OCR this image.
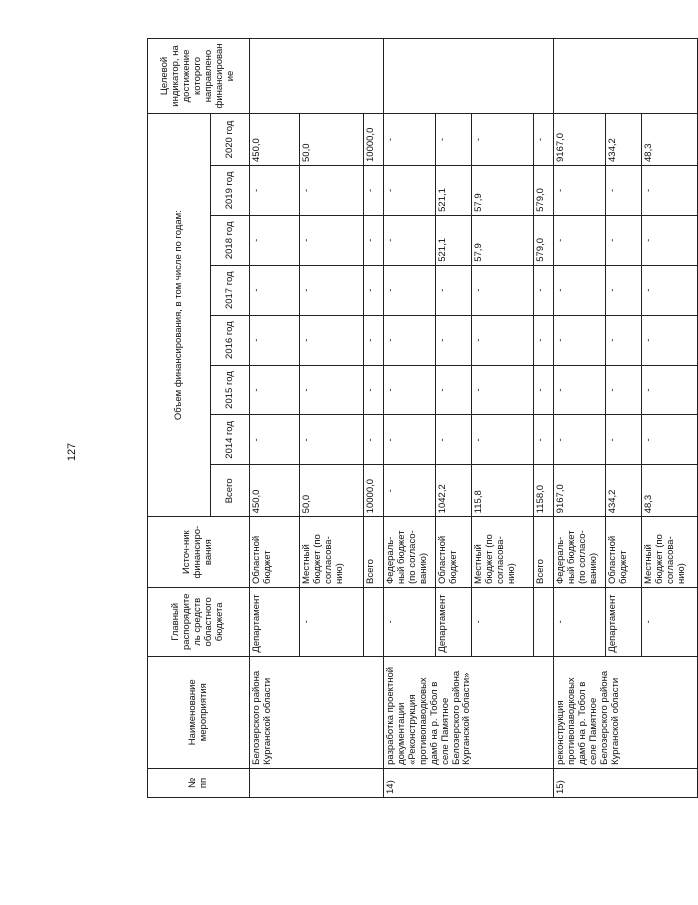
127
№ пп	Наименование мероприятия	Главный распорядитель средств областного бюджета	Источ-ник финансиро-вания	Объем финансирования, в том числе по годам:								Целевой индикатор, на достижение которого направлено финансирование
				Всего	2014 год	2015 год	2016 год	2017 год	2018 год	2019 год	2020 год	
	Белозерского района Курганской области	Департамент	Областной бюджет	450,0	-	-	-	-	-	-	450,0	
		-	Местный бюджет (по согласова-нию)	50,0	-	-	-	-	-	-	50,0	
			Всего	10000,0	-	-	-	-	-	-	10000,0	
14)	разработка проектной документации «Реконструкция противопаводковых дамб на р. Тобол в селе Памятное Белозерского района Курганской области»	-	Федераль-ный бюджет (по согласо-ванию)	-	-	-	-	-	-	-	-	
		Департамент	Областной бюджет	1042,2	-	-	-	-	521,1	521,1	-	
		-	Местный бюджет (по согласова-нию)	115,8	-	-	-	-	57,9	57,9	-	
			Всего	1158,0	-	-	-	-	579,0	579,0	-	
15)	реконструкция противопаводковых дамб на р. Тобол в селе Памятное Белозерского района Курганской области	-	Федераль-ный бюджет (по согласо-ванию)	9167,0	-	-	-	-	-	-	9167,0	
		Департамент	Областной бюджет	434,2	-	-	-	-	-	-	434,2	
		-	Местный бюджет (по согласова-нию)	48,3	-	-	-	-	-	-	48,3	
